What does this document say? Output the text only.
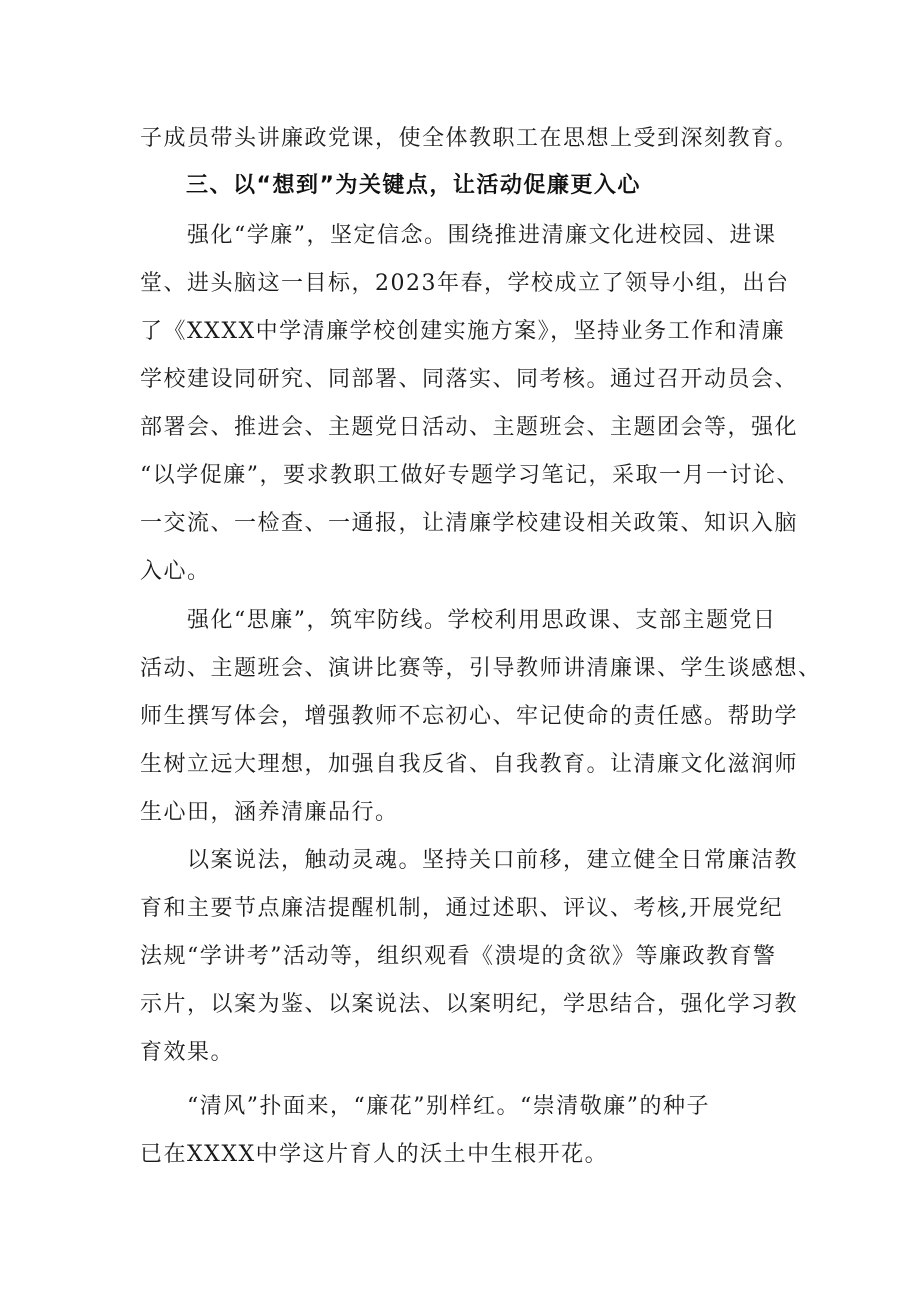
子成员带头讲廉政党课，使全体教职工在思想上受到深刻教育。
三、以“想到”为关键点，让活动促廉更入心
　　强化“学廉”，坚定信念。围绕推进清廉文化进校园、进课
堂、进头脑这一目标，2023年春，学校成立了领导小组，出台
了《XXXX中学清廉学校创建实施方案》，坚持业务工作和清廉
学校建设同研究、同部署、同落实、同考核。通过召开动员会、
部署会、推进会、主题党日活动、主题班会、主题团会等，强化
“以学促廉”，要求教职工做好专题学习笔记，采取一月一讨论、
一交流、一检查、一通报，让清廉学校建设相关政策、知识入脑
入心。
　　强化“思廉”，筑牢防线。学校利用思政课、支部主题党日
活动、主题班会、演讲比赛等，引导教师讲清廉课、学生谈感想、
师生撰写体会，增强教师不忘初心、牢记使命的责任感。帮助学
生树立远大理想，加强自我反省、自我教育。让清廉文化滋润师
生心田，涵养清廉品行。
　　以案说法，触动灵魂。坚持关口前移，建立健全日常廉洁教
育和主要节点廉洁提醒机制，通过述职、评议、考核,开展党纪
法规“学讲考”活动等，组织观看《溃堤的贪欲》等廉政教育警
示片，以案为鉴、以案说法、以案明纪，学思结合，强化学习教
育效果。
　　“清风”扑面来，“廉花”别样红。“崇清敬廉”的种子
已在XXXX中学这片育人的沃土中生根开花。
